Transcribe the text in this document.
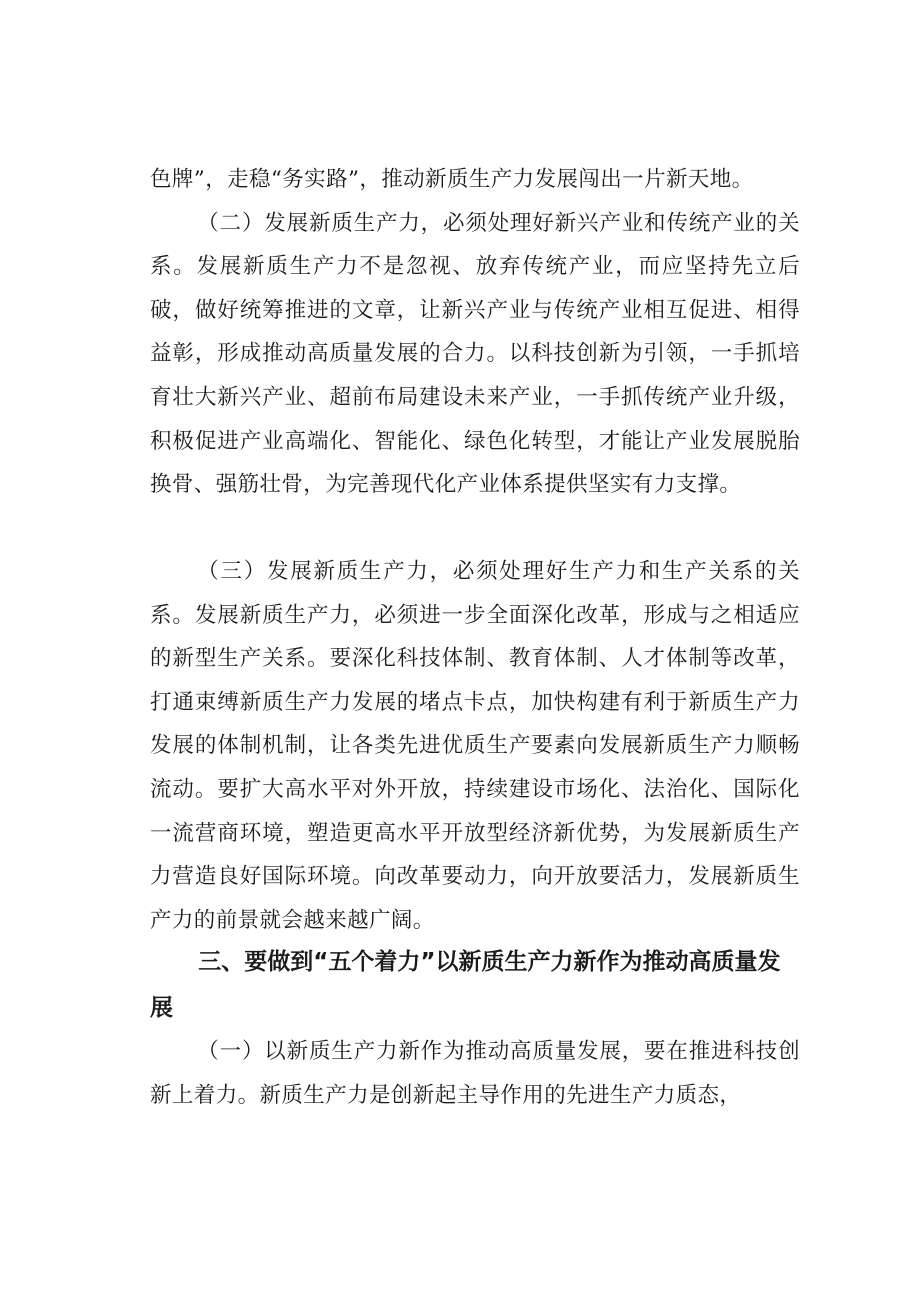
色牌”，走稳“务实路”，推动新质生产力发展闯出一片新天地。

（二）发展新质生产力，必须处理好新兴产业和传统产业的关系。发展新质生产力不是忽视、放弃传统产业，而应坚持先立后破，做好统筹推进的文章，让新兴产业与传统产业相互促进、相得益彰，形成推动高质量发展的合力。以科技创新为引领，一手抓培育壮大新兴产业、超前布局建设未来产业，一手抓传统产业升级，积极促进产业高端化、智能化、绿色化转型，才能让产业发展脱胎换骨、强筋壮骨，为完善现代化产业体系提供坚实有力支撑。

（三）发展新质生产力，必须处理好生产力和生产关系的关系。发展新质生产力，必须进一步全面深化改革，形成与之相适应的新型生产关系。要深化科技体制、教育体制、人才体制等改革，打通束缚新质生产力发展的堵点卡点，加快构建有利于新质生产力发展的体制机制，让各类先进优质生产要素向发展新质生产力顺畅流动。要扩大高水平对外开放，持续建设市场化、法治化、国际化一流营商环境，塑造更高水平开放型经济新优势，为发展新质生产力营造良好国际环境。向改革要动力，向开放要活力，发展新质生产力的前景就会越来越广阔。

三、要做到“五个着力”以新质生产力新作为推动高质量发展

（一）以新质生产力新作为推动高质量发展，要在推进科技创新上着力。新质生产力是创新起主导作用的先进生产力质态，
